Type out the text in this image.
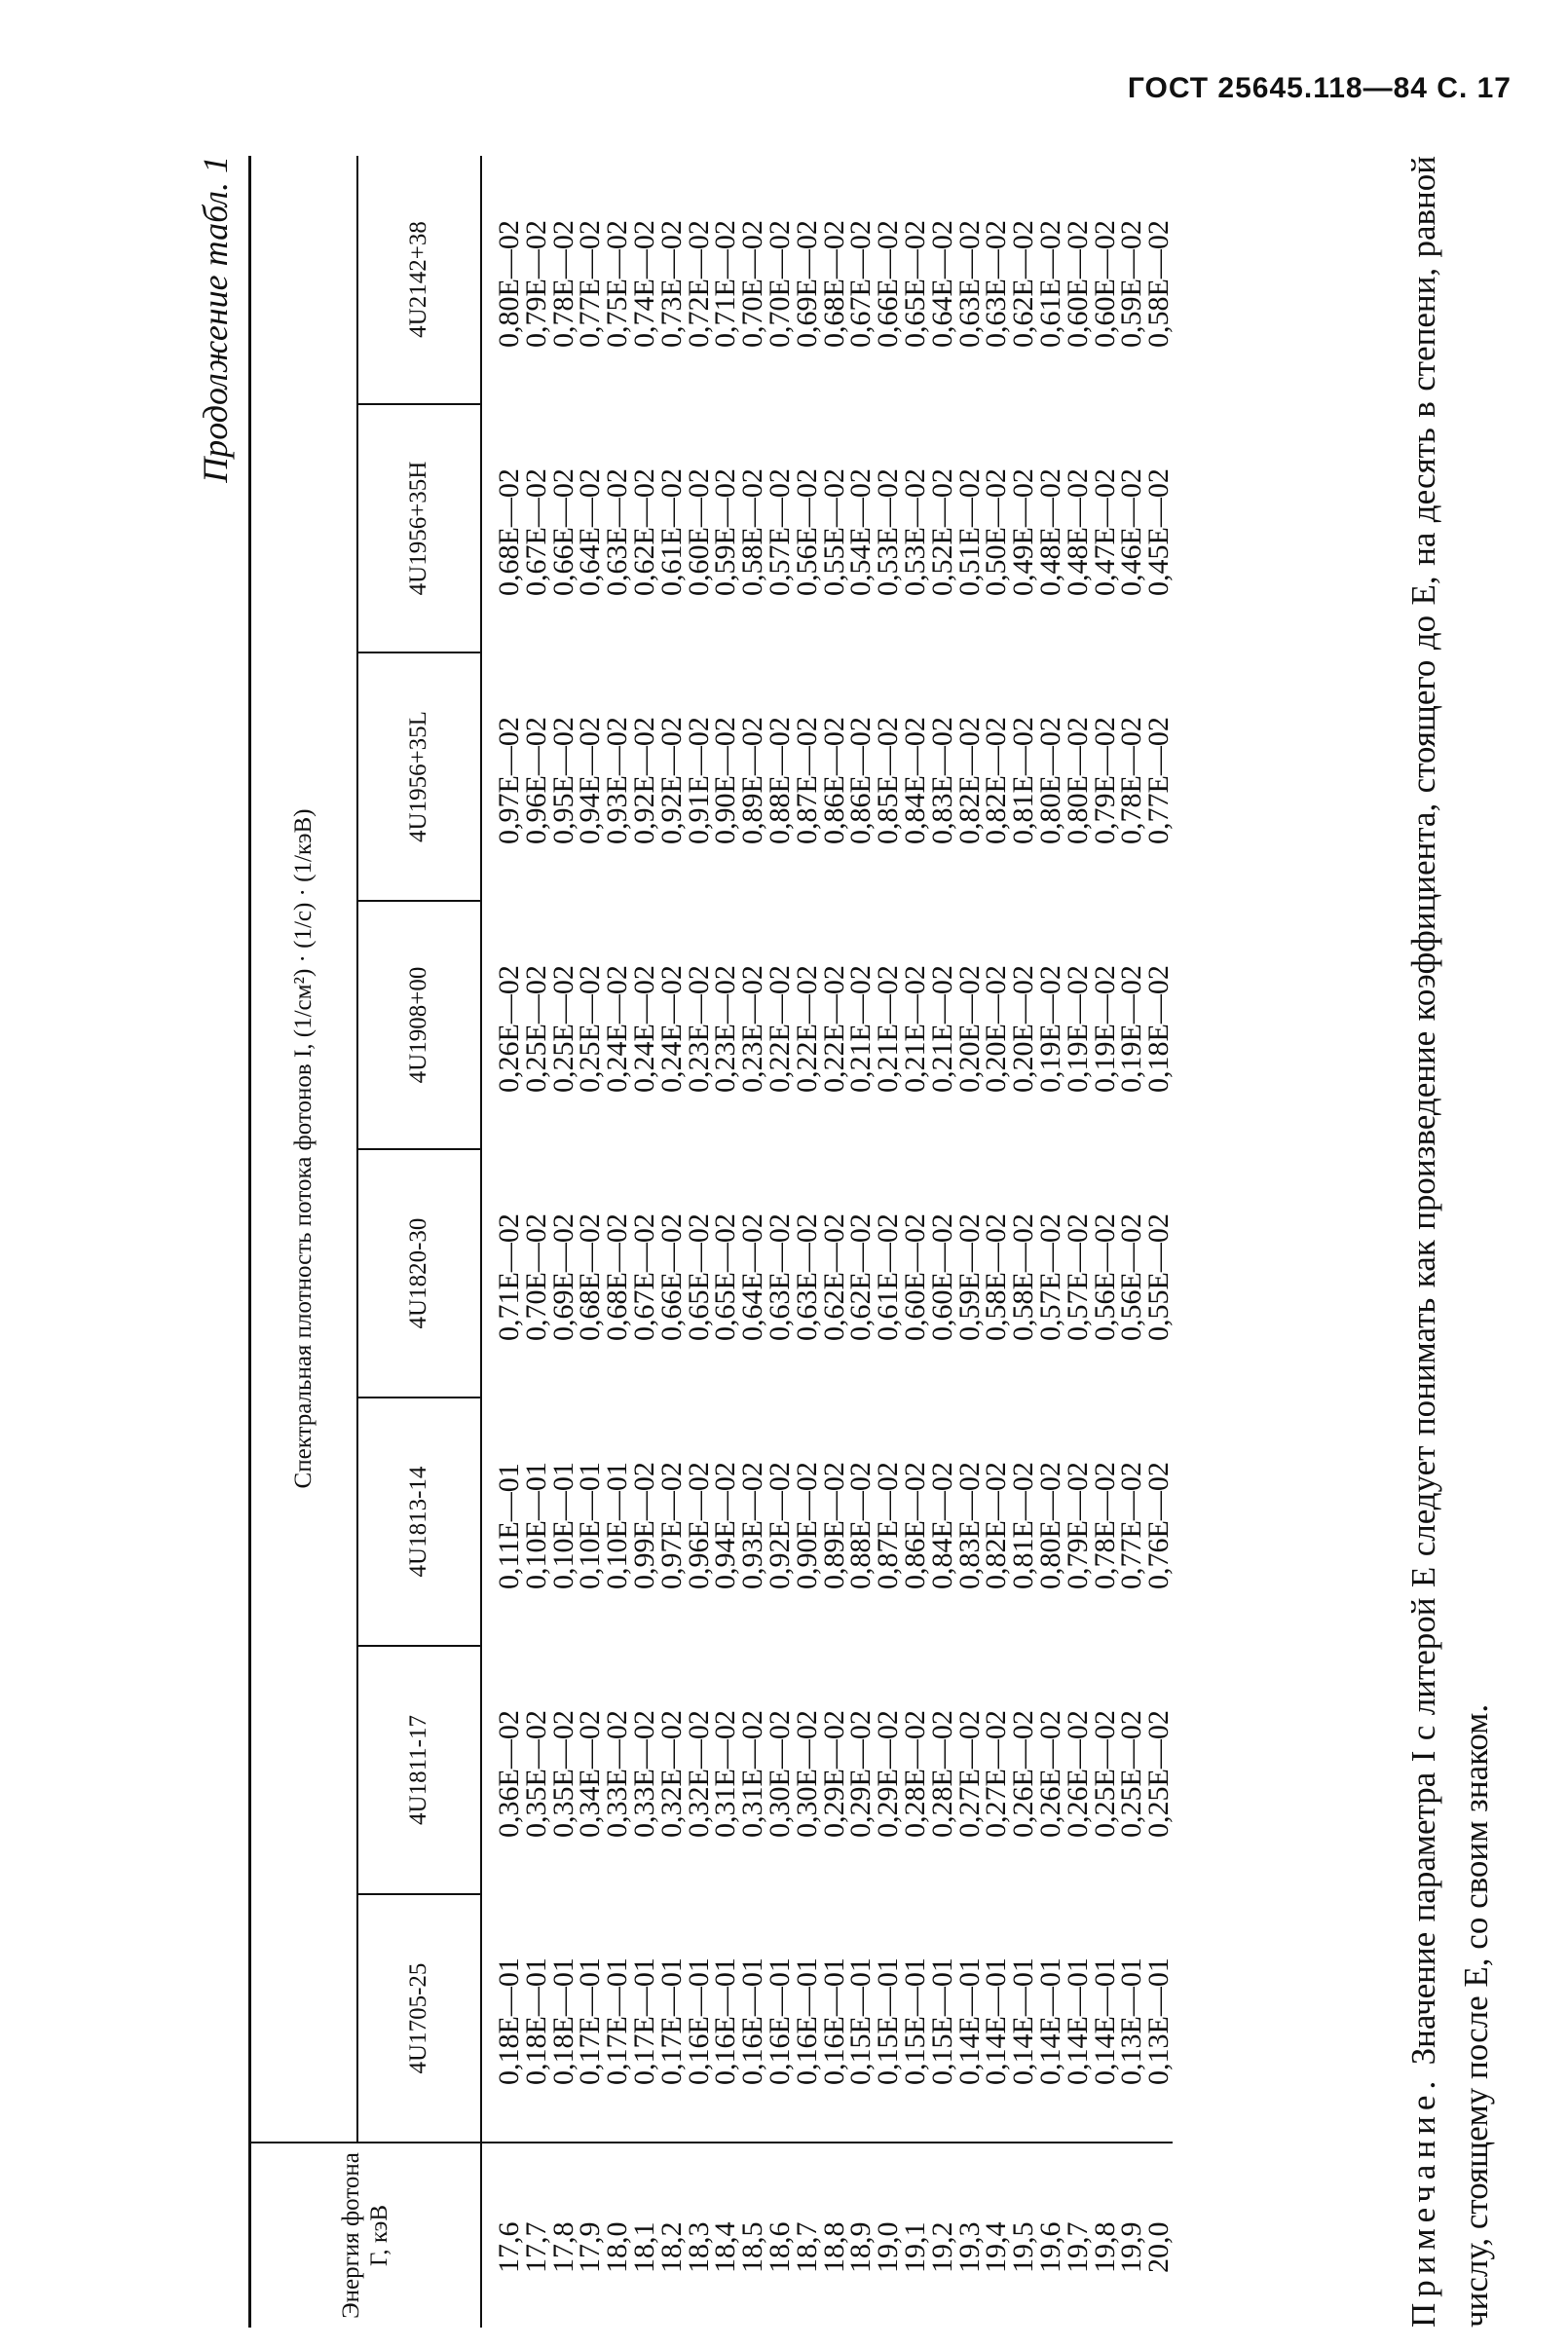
ГОСТ 25645.118—84 С. 17
Продолжение табл. 1
Энергия фотона Γ, кэВ	Спектральная плотность потока фотонов I, (1/см²) · (1/с) · (1/кэВ)							
	4U1705-25	4U1811-17	4U1813-14	4U1820-30	4U1908+00	4U1956+35L	4U1956+35H	4U2142+38
17,6	0,18E—01	0,36E—02	0,11E—01	0,71E—02	0,26E—02	0,97E—02	0,68E—02	0,80E—02
17,7	0,18E—01	0,35E—02	0,10E—01	0,70E—02	0,25E—02	0,96E—02	0,67E—02	0,79E—02
17,8	0,18E—01	0,35E—02	0,10E—01	0,69E—02	0,25E—02	0,95E—02	0,66E—02	0,78E—02
17,9	0,17E—01	0,34E—02	0,10E—01	0,68E—02	0,25E—02	0,94E—02	0,64E—02	0,77E—02
18,0	0,17E—01	0,33E—02	0,10E—01	0,68E—02	0,24E—02	0,93E—02	0,63E—02	0,75E—02
18,1	0,17E—01	0,33E—02	0,99E—02	0,67E—02	0,24E—02	0,92E—02	0,62E—02	0,74E—02
18,2	0,17E—01	0,32E—02	0,97E—02	0,66E—02	0,24E—02	0,92E—02	0,61E—02	0,73E—02
18,3	0,16E—01	0,32E—02	0,96E—02	0,65E—02	0,23E—02	0,91E—02	0,60E—02	0,72E—02
18,4	0,16E—01	0,31E—02	0,94E—02	0,65E—02	0,23E—02	0,90E—02	0,59E—02	0,71E—02
18,5	0,16E—01	0,31E—02	0,93E—02	0,64E—02	0,23E—02	0,89E—02	0,58E—02	0,70E—02
18,6	0,16E—01	0,30E—02	0,92E—02	0,63E—02	0,22E—02	0,88E—02	0,57E—02	0,70E—02
18,7	0,16E—01	0,30E—02	0,90E—02	0,63E—02	0,22E—02	0,87E—02	0,56E—02	0,69E—02
18,8	0,16E—01	0,29E—02	0,89E—02	0,62E—02	0,22E—02	0,86E—02	0,55E—02	0,68E—02
18,9	0,15E—01	0,29E—02	0,88E—02	0,62E—02	0,21E—02	0,86E—02	0,54E—02	0,67E—02
19,0	0,15E—01	0,29E—02	0,87E—02	0,61E—02	0,21E—02	0,85E—02	0,53E—02	0,66E—02
19,1	0,15E—01	0,28E—02	0,86E—02	0,60E—02	0,21E—02	0,84E—02	0,53E—02	0,65E—02
19,2	0,15E—01	0,28E—02	0,84E—02	0,60E—02	0,21E—02	0,83E—02	0,52E—02	0,64E—02
19,3	0,14E—01	0,27E—02	0,83E—02	0,59E—02	0,20E—02	0,82E—02	0,51E—02	0,63E—02
19,4	0,14E—01	0,27E—02	0,82E—02	0,58E—02	0,20E—02	0,82E—02	0,50E—02	0,63E—02
19,5	0,14E—01	0,26E—02	0,81E—02	0,58E—02	0,20E—02	0,81E—02	0,49E—02	0,62E—02
19,6	0,14E—01	0,26E—02	0,80E—02	0,57E—02	0,19E—02	0,80E—02	0,48E—02	0,61E—02
19,7	0,14E—01	0,26E—02	0,79E—02	0,57E—02	0,19E—02	0,80E—02	0,48E—02	0,60E—02
19,8	0,14E—01	0,25E—02	0,78E—02	0,56E—02	0,19E—02	0,79E—02	0,47E—02	0,60E—02
19,9	0,13E—01	0,25E—02	0,77E—02	0,56E—02	0,19E—02	0,78E—02	0,46E—02	0,59E—02
20,0	0,13E—01	0,25E—02	0,76E—02	0,55E—02	0,18E—02	0,77E—02	0,45E—02	0,58E—02
Примечание. Значение параметра I с литерой E следует понимать как произведение коэффициента, стоящего до E, на десять в степени, равной числу, стоящему после E, со своим знаком.
